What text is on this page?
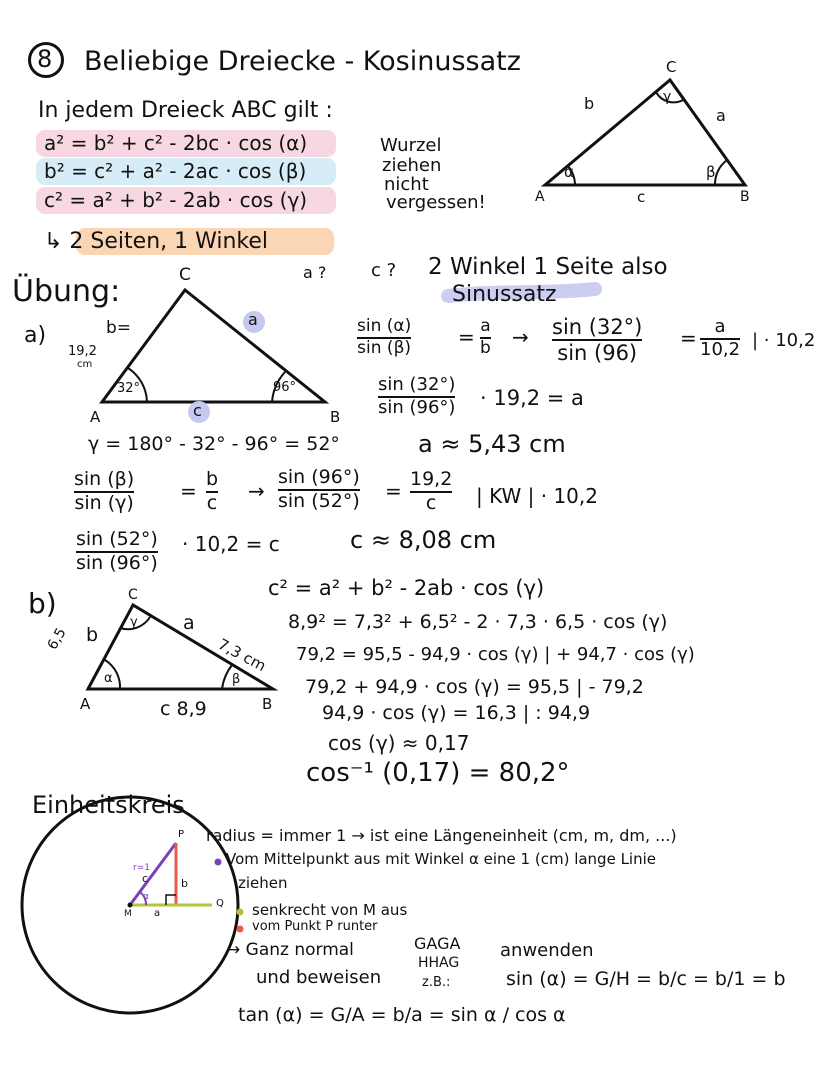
8 Beliebige Dreiecke - Kosinussatz
In jedem Dreieck ABC gilt :
a² = b² + c² - 2bc · cos (α)
b² = c² + a² - 2ac · cos (β)
c² = a² + b² - 2ab · cos (γ)
Wurzel
ziehen
nicht
vergessen!
↳ 2 Seiten, 1 Winkel
C
b
a
A	c	B
α	β
γ
Übung:
a)
C
b=
19,2
cm
a
c
32°	96°
A	B
a ? c ? 2 Winkel 1 Seite also
Sinussatz
sin (α)
sin (β) = a
b → sin (32°)
sin (96)
= a
10,2 | · 10,2
sin (32°)
sin (96°) · 19,2 = a
a ≈ 5,43 cm
γ = 180° - 32° - 96° = 52°
sin (β)
sin (γ) = b
c →
sin (96°)
sin (52°) = 19,2
c | KW | · 10,2
sin (52°)
sin (96°)
· 10,2 = c	c ≈ 8,08 cm
b)	C
6,5 b
a
7,3 cm
A	c 8,9	B
α	β
γ
c² = a² + b² - 2ab · cos (γ)
8,9² = 7,3² + 6,5² - 2 · 7,3 · 6,5 · cos (γ)
79,2 = 95,5 - 94,9 · cos (γ) | + 94,7 · cos (γ)
79,2 + 94,9 · cos (γ) = 95,5 | - 79,2
94,9 · cos (γ) = 16,3 | : 94,9
cos (γ) ≈ 0,17
cos⁻¹ (0,17) = 80,2°
Einheitskreis
P
r=1
c	b
α
M a
Q
radius = immer 1 → ist eine Längeneinheit (cm, m, dm, ...)
Vom Mittelpunkt aus mit Winkel α eine 1 (cm) lange Linie
ziehen
senkrecht von M aus
vom Punkt P runter
→ Ganz normal	GAGA anwenden
HHAG
und beweisen	z.B.:	sin (α) = G/H = b/c = b/1 = b
tan (α) = G/A = b/a = sin α / cos α
